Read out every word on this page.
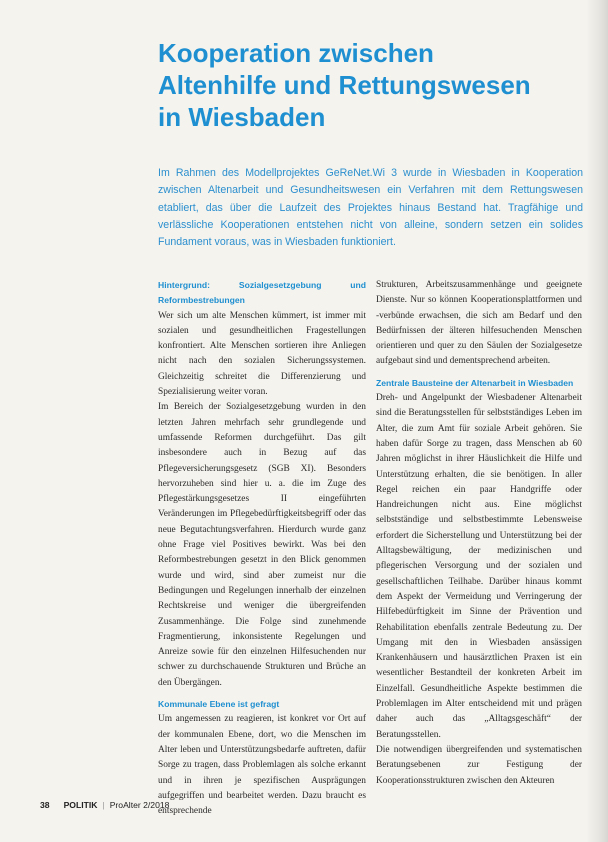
Kooperation zwischen
Altenhilfe und Rettungswesen
in Wiesbaden

Im Rahmen des Modellprojektes GeReNet.Wi 3 wurde in Wiesbaden in Kooperation zwischen Altenarbeit und Gesundheitswesen ein Verfahren mit dem Rettungswesen etabliert, das über die Laufzeit des Projektes hinaus Bestand hat. Tragfähige und verlässliche Kooperationen entstehen nicht von alleine, sondern setzen ein solides Fundament voraus, was in Wiesbaden funktioniert.

Hintergrund: Sozialgesetzgebung und Reformbestrebungen

Wer sich um alte Menschen kümmert, ist immer mit sozialen und gesundheitlichen Fragestellungen konfrontiert. Alte Menschen sortieren ihre Anliegen nicht nach den sozialen Sicherungssystemen. Gleichzeitig schreitet die Differenzierung und Spezialisierung weiter voran.

Im Bereich der Sozialgesetzgebung wurden in den letzten Jahren mehrfach sehr grundlegende und umfassende Reformen durchgeführt. Das gilt insbesondere auch in Bezug auf das Pflegeversicherungsgesetz (SGB XI). Besonders hervorzuheben sind hier u. a. die im Zuge des Pflegestärkungsgesetzes II eingeführten Veränderungen im Pflegebedürftigkeitsbegriff oder das neue Begutachtungsverfahren. Hierdurch wurde ganz ohne Frage viel Positives bewirkt. Was bei den Reformbestrebungen gesetzt in den Blick genommen wurde und wird, sind aber zumeist nur die Bedingungen und Regelungen innerhalb der einzelnen Rechtskreise und weniger die übergreifenden Zusammenhänge. Die Folge sind zunehmende Fragmentierung, inkonsistente Regelungen und Anreize sowie für den einzelnen Hilfesuchenden nur schwer zu durchschauende Strukturen und Brüche an den Übergängen.

Kommunale Ebene ist gefragt

Um angemessen zu reagieren, ist konkret vor Ort auf der kommunalen Ebene, dort, wo die Menschen im Alter leben und Unterstützungsbedarfe auftreten, dafür Sorge zu tragen, dass Problemlagen als solche erkannt und in ihren je spezifischen Ausprägungen aufgegriffen und bearbeitet werden. Dazu braucht es entsprechende

Strukturen, Arbeitszusammenhänge und geeignete Dienste. Nur so können Kooperationsplattformen und -verbünde erwachsen, die sich am Bedarf und den Bedürfnissen der älteren hilfesuchenden Menschen orientieren und quer zu den Säulen der Sozialgesetze aufgebaut sind und dementsprechend arbeiten.

Zentrale Bausteine der Altenarbeit in Wiesbaden

Dreh- und Angelpunkt der Wiesbadener Altenarbeit sind die Beratungsstellen für selbstständiges Leben im Alter, die zum Amt für soziale Arbeit gehören. Sie haben dafür Sorge zu tragen, dass Menschen ab 60 Jahren möglichst in ihrer Häuslichkeit die Hilfe und Unterstützung erhalten, die sie benötigen. In aller Regel reichen ein paar Handgriffe oder Handreichungen nicht aus. Eine möglichst selbstständige und selbstbestimmte Lebensweise erfordert die Sicherstellung und Unterstützung bei der Alltagsbewältigung, der medizinischen und pflegerischen Versorgung und der sozialen und gesellschaftlichen Teilhabe. Darüber hinaus kommt dem Aspekt der Vermeidung und Verringerung der Hilfebedürftigkeit im Sinne der Prävention und Rehabilitation ebenfalls zentrale Bedeutung zu. Der Umgang mit den in Wiesbaden ansässigen Krankenhäusern und hausärztlichen Praxen ist ein wesentlicher Bestandteil der konkreten Arbeit im Einzelfall. Gesundheitliche Aspekte bestimmen die Problemlagen im Alter entscheidend mit und prägen daher auch das „Alltagsgeschäft“ der Beratungsstellen.

Die notwendigen übergreifenden und systematischen Beratungsebenen zur Festigung der Kooperationsstrukturen zwischen den Akteuren

38 POLITIK | ProAlter 2/2018
